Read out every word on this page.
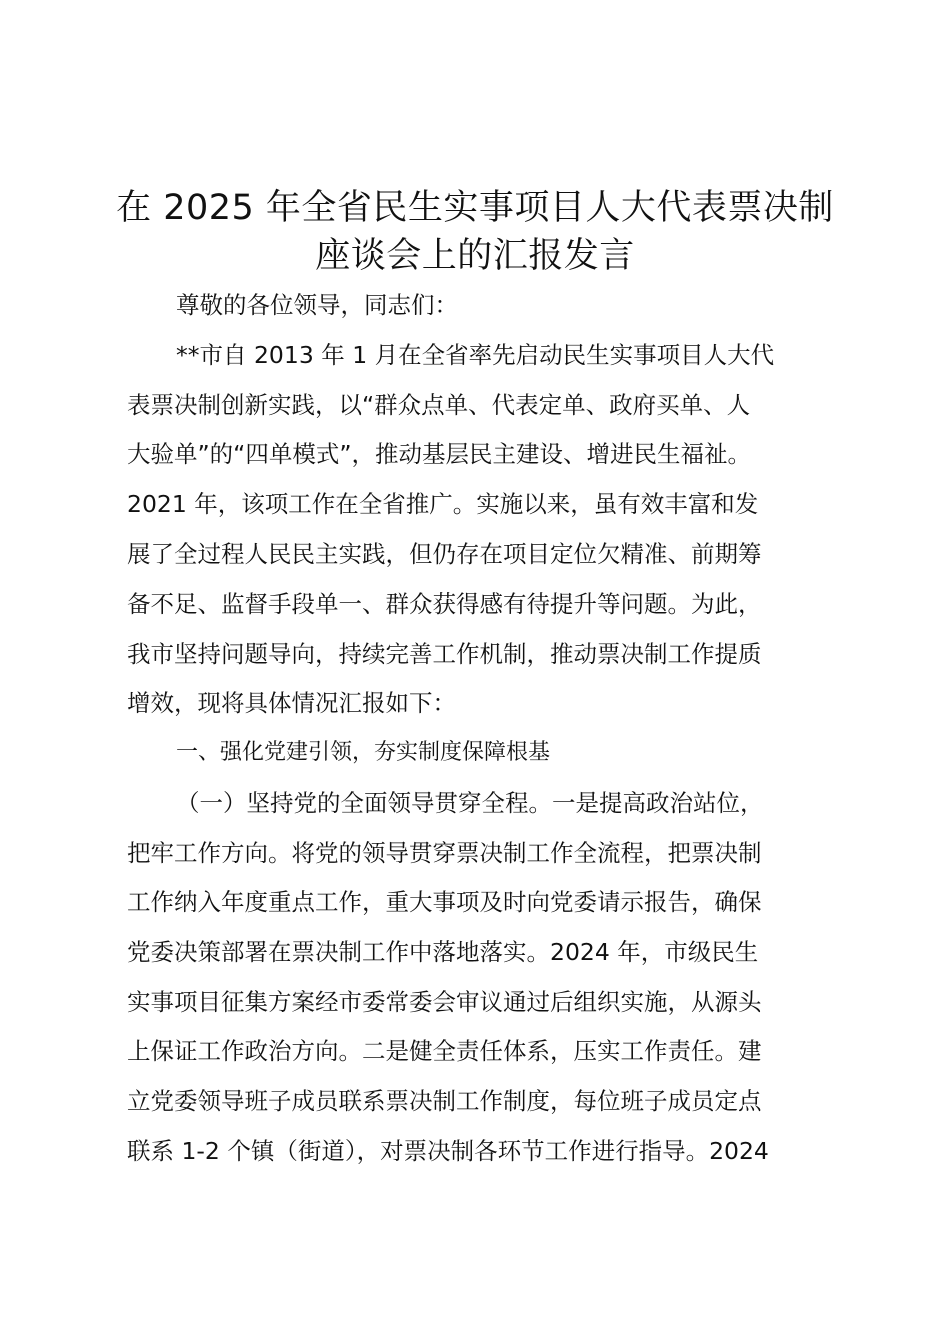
在 2025 年全省民生实事项目人大代表票决制
座谈会上的汇报发言
尊敬的各位领导，同志们：
**市自 2013 年 1 月在全省率先启动民生实事项目人大代
表票决制创新实践，以“群众点单、代表定单、政府买单、人
大验单”的“四单模式”，推动基层民主建设、增进民生福祉。
2021 年，该项工作在全省推广。实施以来，虽有效丰富和发
展了全过程人民民主实践，但仍存在项目定位欠精准、前期筹
备不足、监督手段单一、群众获得感有待提升等问题。为此，
我市坚持问题导向，持续完善工作机制，推动票决制工作提质
增效，现将具体情况汇报如下：
一、强化党建引领，夯实制度保障根基
（一）坚持党的全面领导贯穿全程。一是提高政治站位，
把牢工作方向。将党的领导贯穿票决制工作全流程，把票决制
工作纳入年度重点工作，重大事项及时向党委请示报告，确保
党委决策部署在票决制工作中落地落实。2024 年，市级民生
实事项目征集方案经市委常委会审议通过后组织实施，从源头
上保证工作政治方向。二是健全责任体系，压实工作责任。建
立党委领导班子成员联系票决制工作制度，每位班子成员定点
联系 1-2 个镇（街道），对票决制各环节工作进行指导。2024
